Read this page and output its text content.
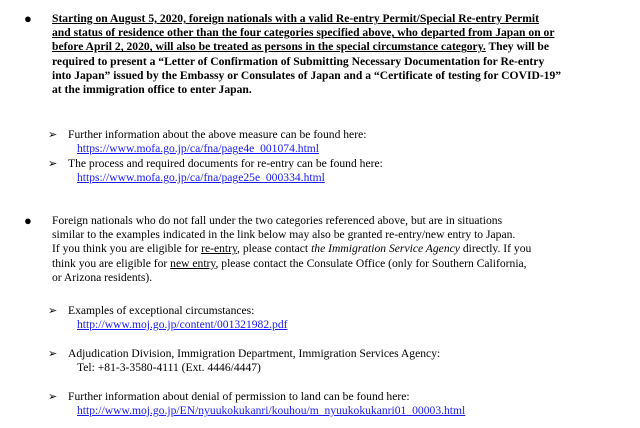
● Starting on August 5, 2020, foreign nationals with a valid Re-entry Permit/Special Re-entry Permit
and status of residence other than the four categories specified above, who departed from Japan on or
before April 2, 2020, will also be treated as persons in the special circumstance category. They will be
required to present a “Letter of Confirmation of Submitting Necessary Documentation for Re-entry
into Japan” issued by the Embassy or Consulates of Japan and a “Certificate of testing for COVID-19”
at the immigration office to enter Japan.
➢ Further information about the above measure can be found here:
https://www.mofa.go.jp/ca/fna/page4e_001074.html
➢ The process and required documents for re-entry can be found here:
https://www.mofa.go.jp/ca/fna/page25e_000334.html
● Foreign nationals who do not fall under the two categories referenced above, but are in situations
similar to the examples indicated in the link below may also be granted re-entry/new entry to Japan.
If you think you are eligible for re-entry, please contact the Immigration Service Agency directly. If you
think you are eligible for new entry, please contact the Consulate Office (only for Southern California,
or Arizona residents).
➢ Examples of exceptional circumstances:
http://www.moj.go.jp/content/001321982.pdf
➢ Adjudication Division, Immigration Department, Immigration Services Agency:
Tel: +81-3-3580-4111 (Ext. 4446/4447)
➢ Further information about denial of permission to land can be found here:
http://www.moj.go.jp/EN/nyuukokukanri/kouhou/m_nyuukokukanri01_00003.html
